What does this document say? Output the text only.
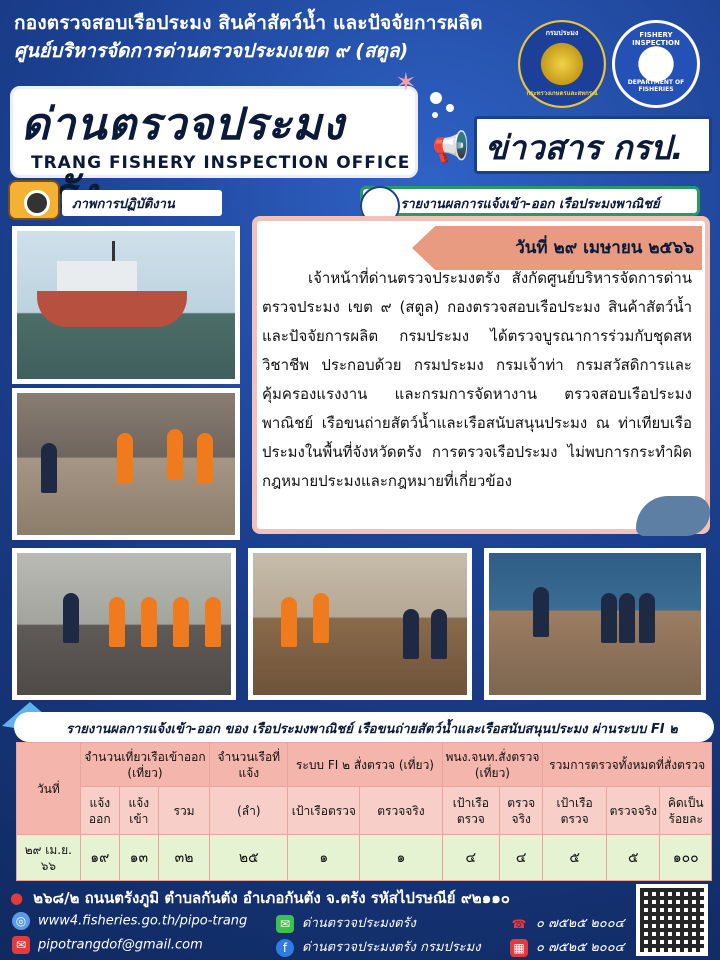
กองตรวจสอบเรือประมง สินค้าสัตว์น้ำ และปัจจัยการผลิต
ศูนย์บริหารจัดการด่านตรวจประมงเขต ๙ (สตูล)
กรมประมง
กระทรวงเกษตรและสหกรณ์
FISHERY INSPECTION
DEPARTMENT OF FISHERIES
ด่านตรวจประมง
TRANG FISHERY INSPECTION OFFICE
✶
📢 ข่าวสาร กรป.
ภาพการปฏิบัติงาน	รายงานผลการแจ้งเข้า-ออก เรือประมงพาณิชย์
วันที่ ๒๙ เมษายน ๒๕๖๖
เจ้าหน้าที่ด่านตรวจประมงตรัง สังกัดศูนย์บริหารจัดการด่านตรวจประมง เขต ๙ (สตูล) กองตรวจสอบเรือประมง สินค้าสัตว์น้ำ และปัจจัยการผลิต กรมประมง ได้ตรวจบูรณาการร่วมกับชุดสหวิชาชีพ ประกอบด้วย กรมประมง กรมเจ้าท่า กรมสวัสดิการและคุ้มครองแรงงาน และกรมการจัดหางาน ตรวจสอบเรือประมงพาณิชย์ เรือขนถ่ายสัตว์น้ำและเรือสนับสนุนประมง ณ ท่าเทียบเรือประมงในพื้นที่จังหวัดตรัง การตรวจเรือประมง ไม่พบการกระทำผิดกฎหมายประมงและกฎหมายที่เกี่ยวข้อง
รายงานผลการแจ้งเข้า-ออก ของ เรือประมงพาณิชย์ เรือขนถ่ายสัตว์น้ำและเรือสนับสนุนประมง ผ่านระบบ FI ๒
วันที่	จำนวนเที่ยวเรือเข้าออก (เที่ยว)			จำนวนเรือที่แจ้ง	ระบบ FI ๒ สั่งตรวจ (เที่ยว)		พนง.จนท.สั่งตรวจ (เที่ยว)		รวมการตรวจทั้งหมดที่สั่งตรวจ		
	แจ้งออก	แจ้งเข้า	รวม	(ลำ)	เป้าเรือตรวจ	ตรวจจริง	เป้าเรือตรวจ	ตรวจจริง	เป้าเรือตรวจ	ตรวจจริง	คิดเป็นร้อยละ
๒๙ เม.ย. ๖๖	๑๙	๑๓	๓๒	๒๕	๑	๑	๔	๔	๕	๕	๑๐๐
● ๒๖๘/๒ ถนนตรังภูมิ ตำบลกันตัง อำเภอกันตัง จ.ตรัง รหัสไปรษณีย์ ๙๒๑๑๐
◎ www4.fisheries.go.th/pipo-trang	✉ ด่านตรวจประมงตรัง	☎ ๐ ๗๕๒๕ ๒๐๐๔
✉ pipotrangdof@gmail.com	f ด่านตรวจประมงตรัง กรมประมง	▦ ๐ ๗๕๒๕ ๒๐๐๔
